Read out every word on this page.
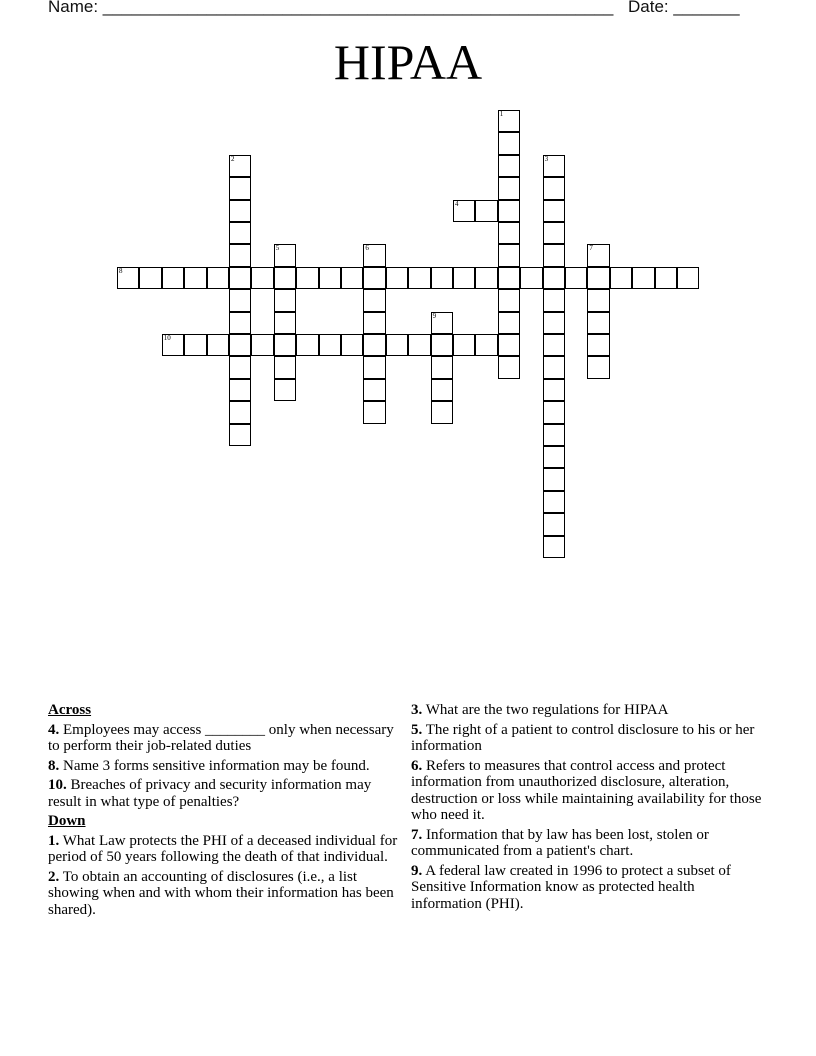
Name: ______________________________________________________ Date: _______
HIPAA
1
2	3
4
5	6	7
8
9
10
Across
4. Employees may access ________ only when necessary to perform their job-related duties
8. Name 3 forms sensitive information may be found.
10. Breaches of privacy and security information may result in what type of penalties?
Down
1. What Law protects the PHI of a deceased individual for period of 50 years following the death of that individual.
2. To obtain an accounting of disclosures (i.e., a list showing when and with whom their information has been shared).
3. What are the two regulations for HIPAA
5. The right of a patient to control disclosure to his or her information
6. Refers to measures that control access and protect information from unauthorized disclosure, alteration, destruction or loss while maintaining availability for those who need it.
7. Information that by law has been lost, stolen or communicated from a patient's chart.
9. A federal law created in 1996 to protect a subset of Sensitive Information know as protected health information (PHI).
